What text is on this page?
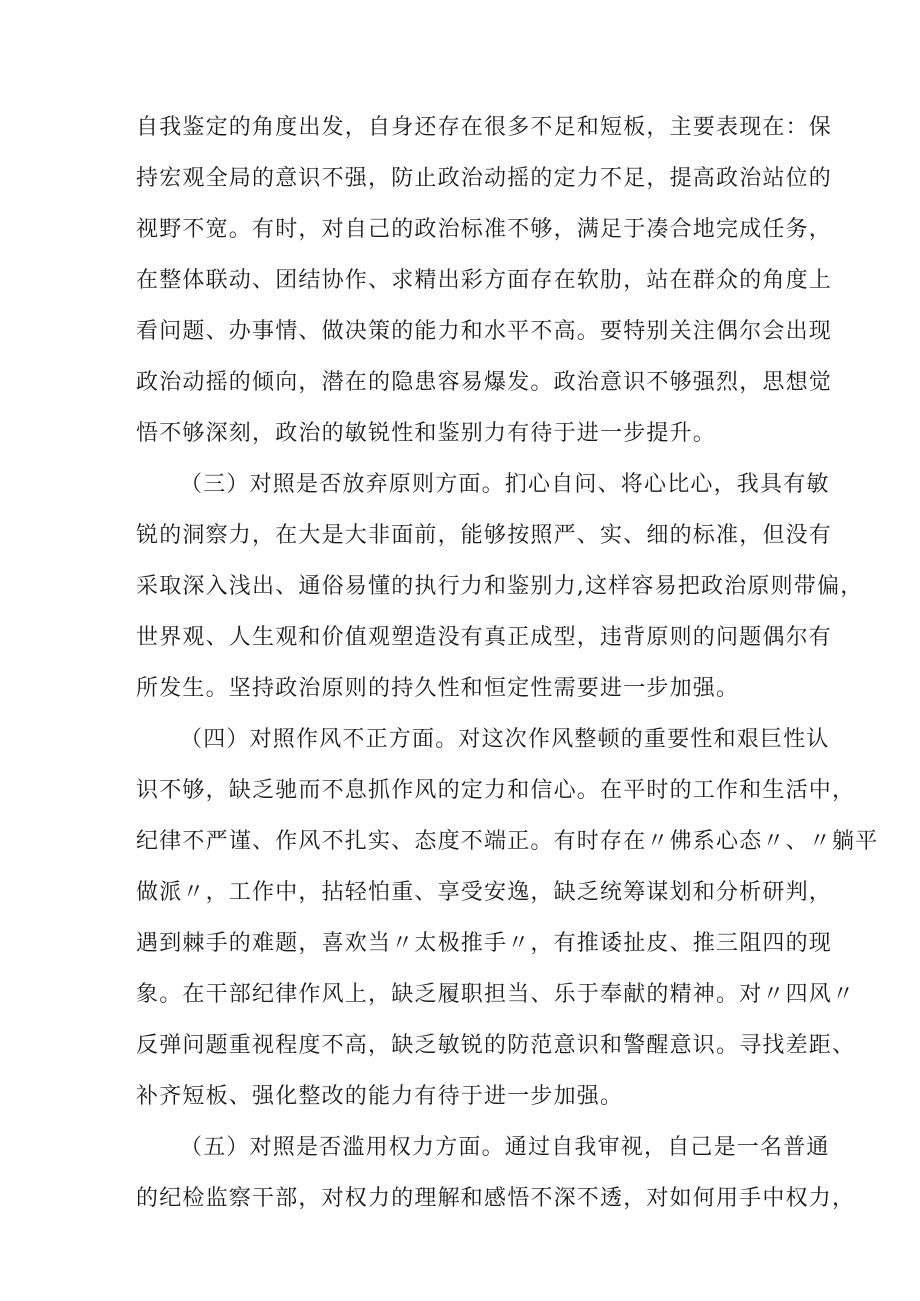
自我鉴定的角度出发，自身还存在很多不足和短板，主要表现在：保
持宏观全局的意识不强，防止政治动摇的定力不足，提高政治站位的
视野不宽。有时，对自己的政治标准不够，满足于凑合地完成任务，
在整体联动、团结协作、求精出彩方面存在软肋，站在群众的角度上
看问题、办事情、做决策的能力和水平不高。要特别关注偶尔会出现
政治动摇的倾向，潜在的隐患容易爆发。政治意识不够强烈，思想觉
悟不够深刻，政治的敏锐性和鉴别力有待于进一步提升。
（三）对照是否放弃原则方面。扪心自问、将心比心，我具有敏
锐的洞察力，在大是大非面前，能够按照严、实、细的标准，但没有
采取深入浅出、通俗易懂的执行力和鉴别力,这样容易把政治原则带偏，
世界观、人生观和价值观塑造没有真正成型，违背原则的问题偶尔有
所发生。坚持政治原则的持久性和恒定性需要进一步加强。
（四）对照作风不正方面。对这次作风整顿的重要性和艰巨性认
识不够，缺乏驰而不息抓作风的定力和信心。在平时的工作和生活中，
纪律不严谨、作风不扎实、态度不端正。有时存在〃佛系心态〃、〃躺平
做派〃，工作中，拈轻怕重、享受安逸，缺乏统筹谋划和分析研判，
遇到棘手的难题，喜欢当〃太极推手〃，有推诿扯皮、推三阻四的现
象。在干部纪律作风上，缺乏履职担当、乐于奉献的精神。对〃四风〃
反弹问题重视程度不高，缺乏敏锐的防范意识和警醒意识。寻找差距、
补齐短板、强化整改的能力有待于进一步加强。
（五）对照是否滥用权力方面。通过自我审视，自己是一名普通
的纪检监察干部，对权力的理解和感悟不深不透，对如何用手中权力，
